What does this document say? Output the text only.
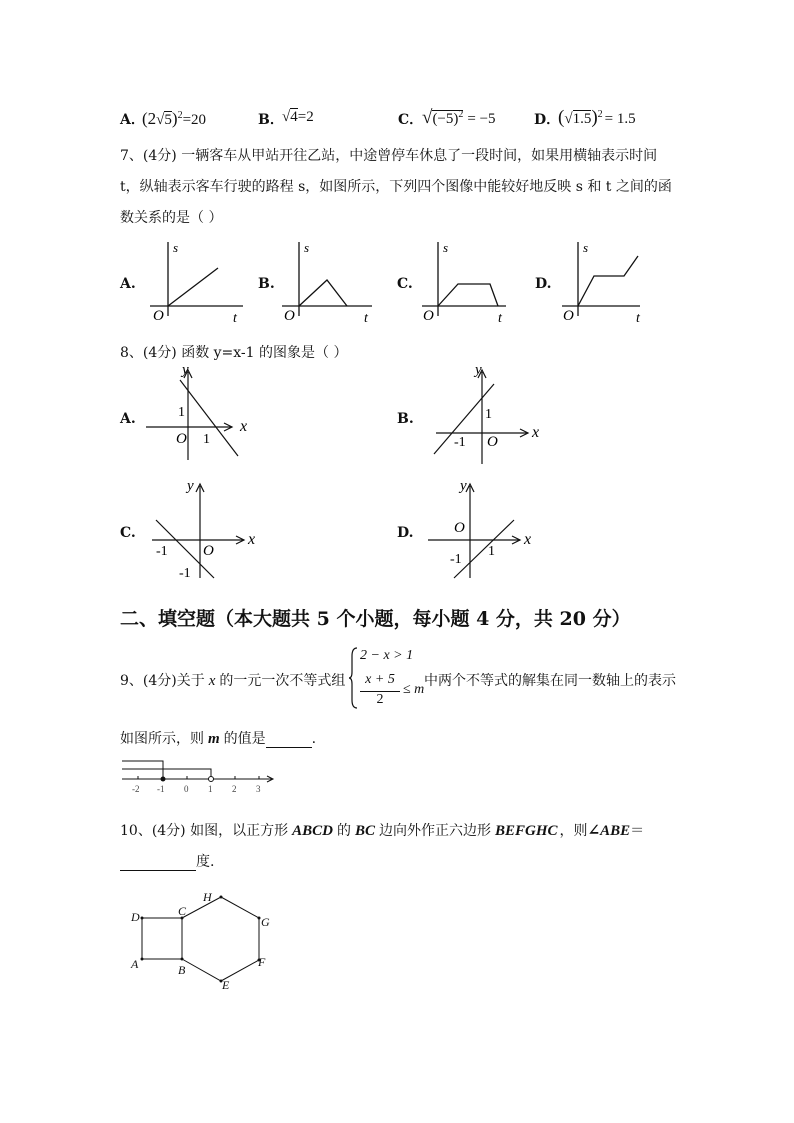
A．
$(2√5)^2=20$	B．
√4=2	C．
$√(-5)^2 = -5$	D．
$(√1.5)^2 = 1.5$
7、(4分) 一辆客车从甲站开往乙站，中途曾停车休息了一段时间，如果用横轴表示时间
t，纵轴表示客车行驶的路程 s，如图所示，下列四个图像中能较好地反映 s 和 t 之间的函
数关系的是（ ）
A.	B.	C.	D.
s
O	t
s
O	t
s
O	t
s
O	t
8、(4分) 函数 y=x-1 的图象是（ ）
A.	B.
C.	D.
y
x
O
1
1
y
x
O
1
-1
y
x
O
-1
-1
y
x
O
1
-1
二、填空题（本大题共 5 个小题，每小题 4 分，共 20 分）
9、(4分)关于 x 的一元一次不等式组
2 − x > 1
x + 5
2
≤ m
中两个不等式的解集在同一数轴上的表示
如图所示，则 m 的值是	.
-2 -1 0 1 2 3
10、(4分) 如图，以正方形 ABCD 的 BC 边向外作正六边形 BEFGHC ，则∠ABE＝
度.
D
A
C
B
H
G
F
E
